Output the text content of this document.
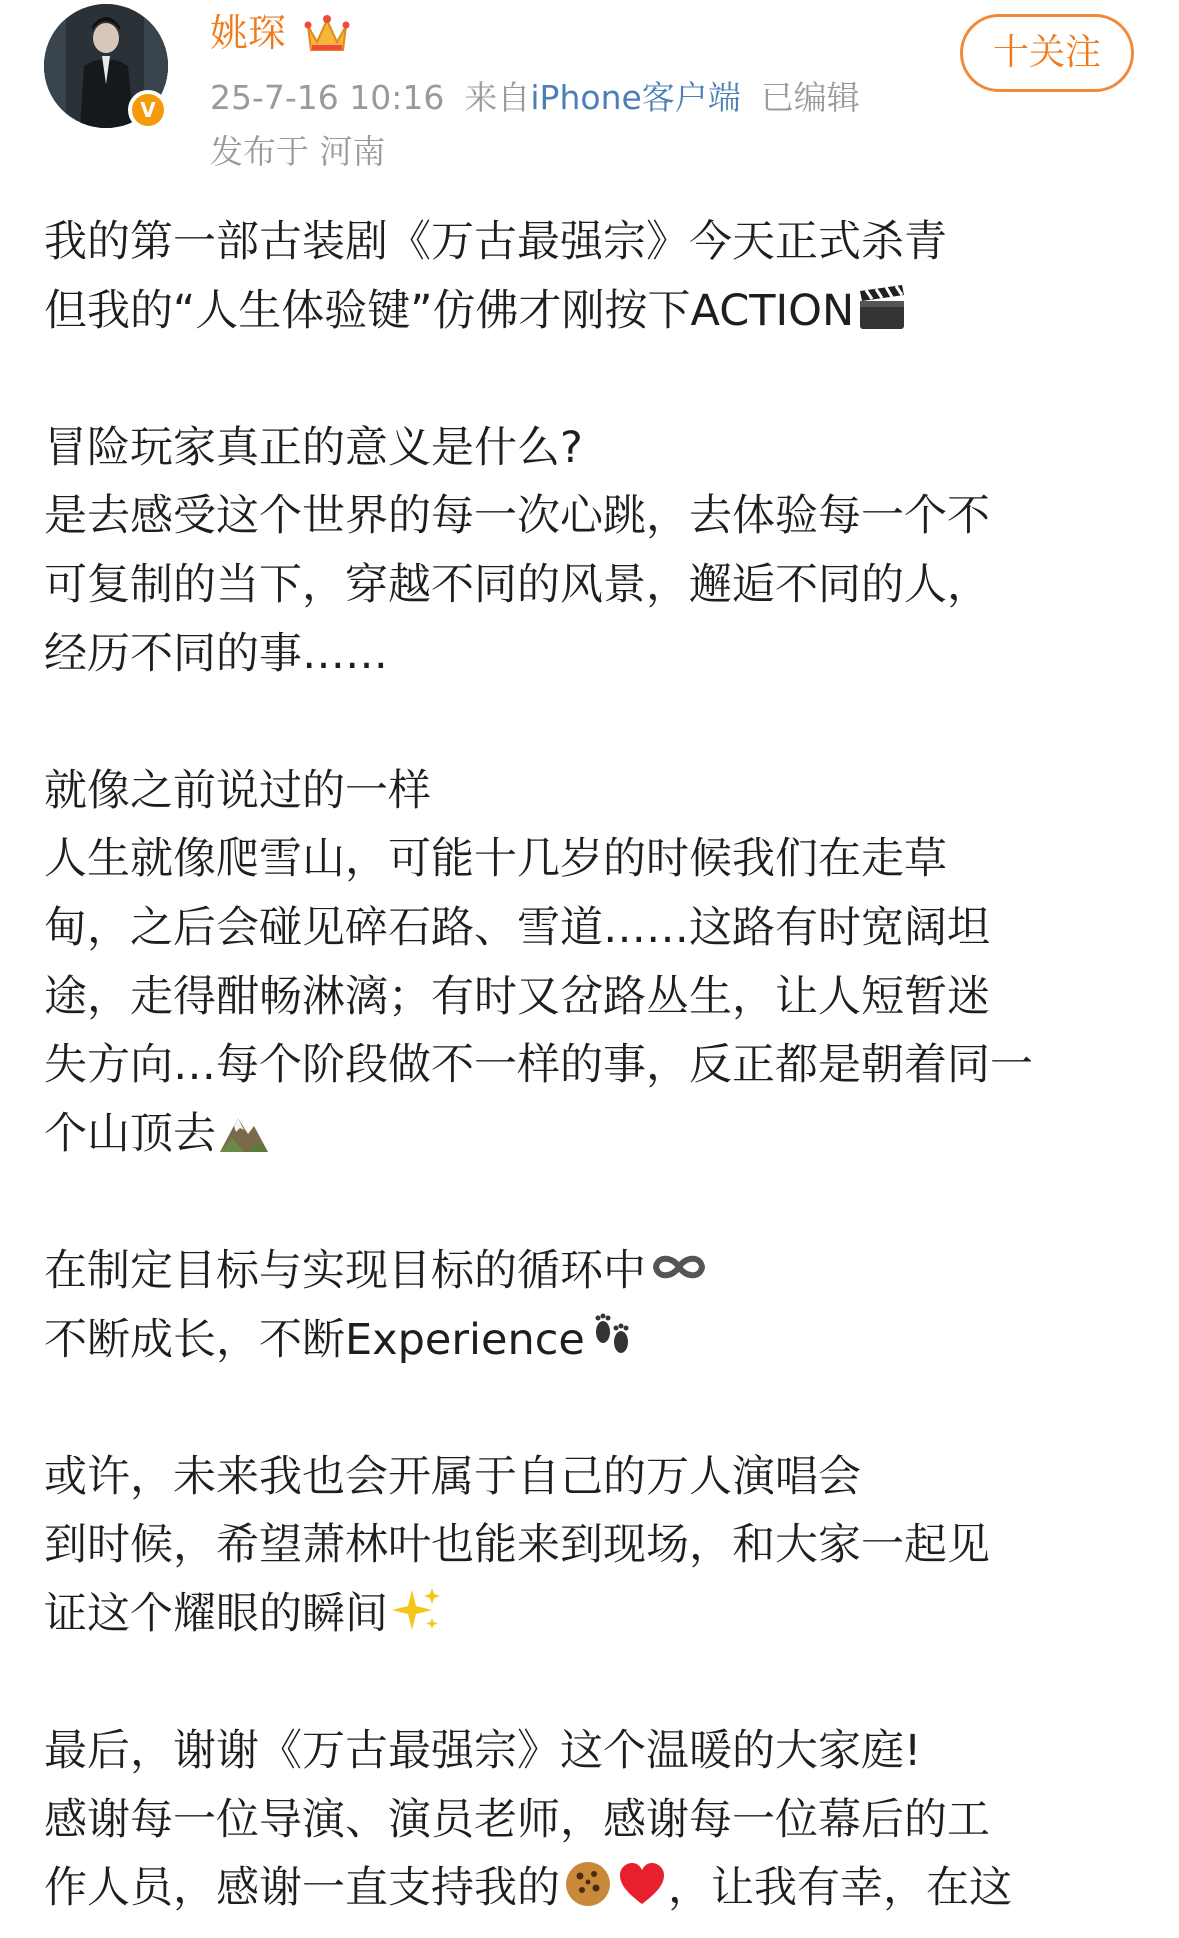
V
姚琛
25-7-16 10:16 来自iPhone客户端 已编辑
发布于 河南
十关注
我的第一部古装剧《万古最强宗》今天正式杀青
但我的“人生体验键”仿佛才刚按下ACTION
冒险玩家真正的意义是什么?
是去感受这个世界的每一次心跳，去体验每一个不
可复制的当下，穿越不同的风景，邂逅不同的人，
经历不同的事……
就像之前说过的一样
人生就像爬雪山，可能十几岁的时候我们在走草
甸，之后会碰见碎石路、雪道……这路有时宽阔坦
途，走得酣畅淋漓；有时又岔路丛生，让人短暂迷
失方向…每个阶段做不一样的事，反正都是朝着同一
个山顶去
在制定目标与实现目标的循环中
不断成长，不断Experience
或许，未来我也会开属于自己的万人演唱会
到时候，希望萧林叶也能来到现场，和大家一起见
证这个耀眼的瞬间
最后，谢谢《万古最强宗》这个温暖的大家庭!
感谢每一位导演、演员老师，感谢每一位幕后的工
作人员，感谢一直支持我的	，让我有幸，在这
